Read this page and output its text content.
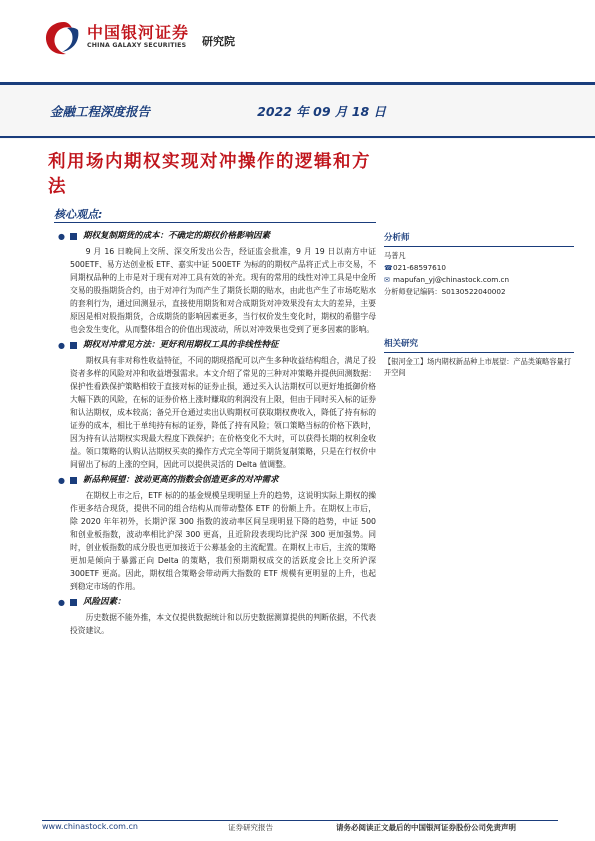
中国银河证券
CHINA GALAXY SECURITIES 研究院
金融工程深度报告	2022 年 09 月 18 日
利用场内期权实现对冲操作的逻辑和方法
核心观点:
● 期权复制期货的成本：不确定的期权价格影响因素
9 月 16 日晚间上交所、深交所发出公告，经证监会批准，9 月 19 日以南方中证 500ETF、易方达创业板 ETF、嘉实中证 500ETF 为标的的期权产品将正式上市交易，不同期权品种的上市是对于现有对冲工具有效的补充。现有的常用的线性对冲工具是中金所交易的股指期货合约，由于对冲行为而产生了期货长期的贴水，由此也产生了市场吃贴水的套利行为，通过回测显示，直接使用期货和对合成期货对冲效果没有太大的差异，主要原因是相对股指期货，合成期货的影响因素更多，当行权价发生变化时，期权的希腊字母也会发生变化，从而整体组合的价值出现波动，所以对冲效果也受到了更多因素的影响。
● 期权对冲常见方法：更好利用期权工具的非线性特征
期权具有非对称性收益特征，不同的期现搭配可以产生多种收益结构组合，满足了投资者多样的风险对冲和收益增强需求。本文介绍了常见的三种对冲策略并提供回测数据：保护性看跌保护策略相较于直接对标的证券止损，通过买入认沽期权可以更好地抵御价格大幅下跌的风险，在标的证券价格上涨时赚取的利润没有上限，但由于同时买入标的证券和认沽期权，成本较高；备兑开仓通过卖出认购期权可获取期权费收入，降低了持有标的证券的成本，相比于单纯持有标的证券，降低了持有风险；领口策略当标的价格下跌时，因为持有认沽期权实现最大程度下跌保护；在价格变化不大时，可以获得长期的权利金收益。领口策略的认购认沽期权买卖的操作方式完全等同于期货复制策略，只是在行权价中间留出了标的上涨的空间，因此可以提供灵活的 Delta 值调整。
● 新品种展望：波动更高的指数会创造更多的对冲需求
在期权上市之后，ETF 标的的基金规模呈现明显上升的趋势，这说明实际上期权的操作更多结合现货，提供不同的组合结构从而带动整体 ETF 的份额上升。在期权上市后，除 2020 年年初外，长期沪深 300 指数的波动率区间呈现明显下降的趋势，中证 500 和创业板指数，波动率相比沪深 300 更高，且近阶段表现均比沪深 300 更加强势。同时，创业板指数的成分股也更加接近于公募基金的主流配置。在期权上市后，主流的策略更加是倾向于暴露正向 Delta 的策略，我们预期期权成交的活跃度会比上交所沪深 300ETF 更高。因此，期权组合策略会带动两大指数的 ETF 规模有更明显的上升，也起到稳定市场的作用。
● 风险因素：
历史数据不能外推，本文仅提供数据统计和以历史数据测算提供的判断依据，不代表投资建议。
分析师
马普凡
☎ 021-68597610
✉ mapufan_yj@chinastock.com.cn
分析师登记编码： S0130522040002
相关研究
【银河金工】场内期权新品种上市展望：产品类策略容量打开空间
www.chinastock.com.cn	证券研究报告	请务必阅读正文最后的中国银河证券股份公司免责声明
